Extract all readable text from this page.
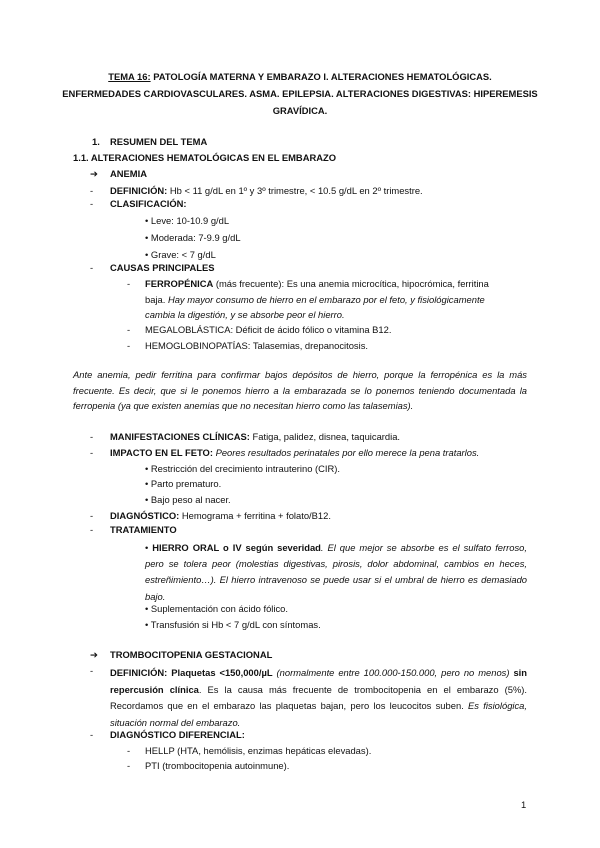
TEMA 16: PATOLOGÍA MATERNA Y EMBARAZO I. ALTERACIONES HEMATOLÓGICAS.
ENFERMEDADES CARDIOVASCULARES. ASMA. EPILEPSIA. ALTERACIONES DIGESTIVAS: HIPEREMESIS
GRAVÍDICA.
1. RESUMEN DEL TEMA
1.1. ALTERACIONES HEMATOLÓGICAS EN EL EMBARAZO
➔ ANEMIA
- DEFINICIÓN: Hb < 11 g/dL en 1º y 3º trimestre, < 10.5 g/dL en 2º trimestre.
- CLASIFICACIÓN:
• Leve: 10-10.9 g/dL
• Moderada: 7-9.9 g/dL
• Grave: < 7 g/dL
- CAUSAS PRINCIPALES
- FERROPÉNICA (más frecuente): Es una anemia microcítica, hipocrómica, ferritina
baja. Hay mayor consumo de hierro en el embarazo por el feto, y fisiológicamente
cambia la digestión, y se absorbe peor el hierro.
- MEGALOBLÁSTICA: Déficit de ácido fólico o vitamina B12.
- HEMOGLOBINOPATÍAS: Talasemias, drepanocitosis.
Ante anemia, pedir ferritina para confirmar bajos depósitos de hierro, porque la ferropénica es la más frecuente. Es decir, que si le ponemos hierro a la embarazada se lo ponemos teniendo documentada la ferropenia (ya que existen anemias que no necesitan hierro como las talasemias).
- MANIFESTACIONES CLÍNICAS: Fatiga, palidez, disnea, taquicardia.
- IMPACTO EN EL FETO: Peores resultados perinatales por ello merece la pena tratarlos.
• Restricción del crecimiento intrauterino (CIR).
• Parto prematuro.
• Bajo peso al nacer.
- DIAGNÓSTICO: Hemograma + ferritina + folato/B12.
- TRATAMIENTO
• HIERRO ORAL o IV según severidad. El que mejor se absorbe es el sulfato ferroso, pero se tolera peor (molestias digestivas, pirosis, dolor abdominal, cambios en heces, estreñimiento…). El hierro intravenoso se puede usar si el umbral de hierro es demasiado bajo.
• Suplementación con ácido fólico.
• Transfusión si Hb < 7 g/dL con síntomas.
➔ TROMBOCITOPENIA GESTACIONAL
- DEFINICIÓN: Plaquetas <150,000/µL (normalmente entre 100.000-150.000, pero no menos) sin repercusión clínica. Es la causa más frecuente de trombocitopenia en el embarazo (5%). Recordamos que en el embarazo las plaquetas bajan, pero los leucocitos suben. Es fisiológica, situación normal del embarazo.
- DIAGNÓSTICO DIFERENCIAL:
- HELLP (HTA, hemólisis, enzimas hepáticas elevadas).
- PTI (trombocitopenia autoinmune).
1
